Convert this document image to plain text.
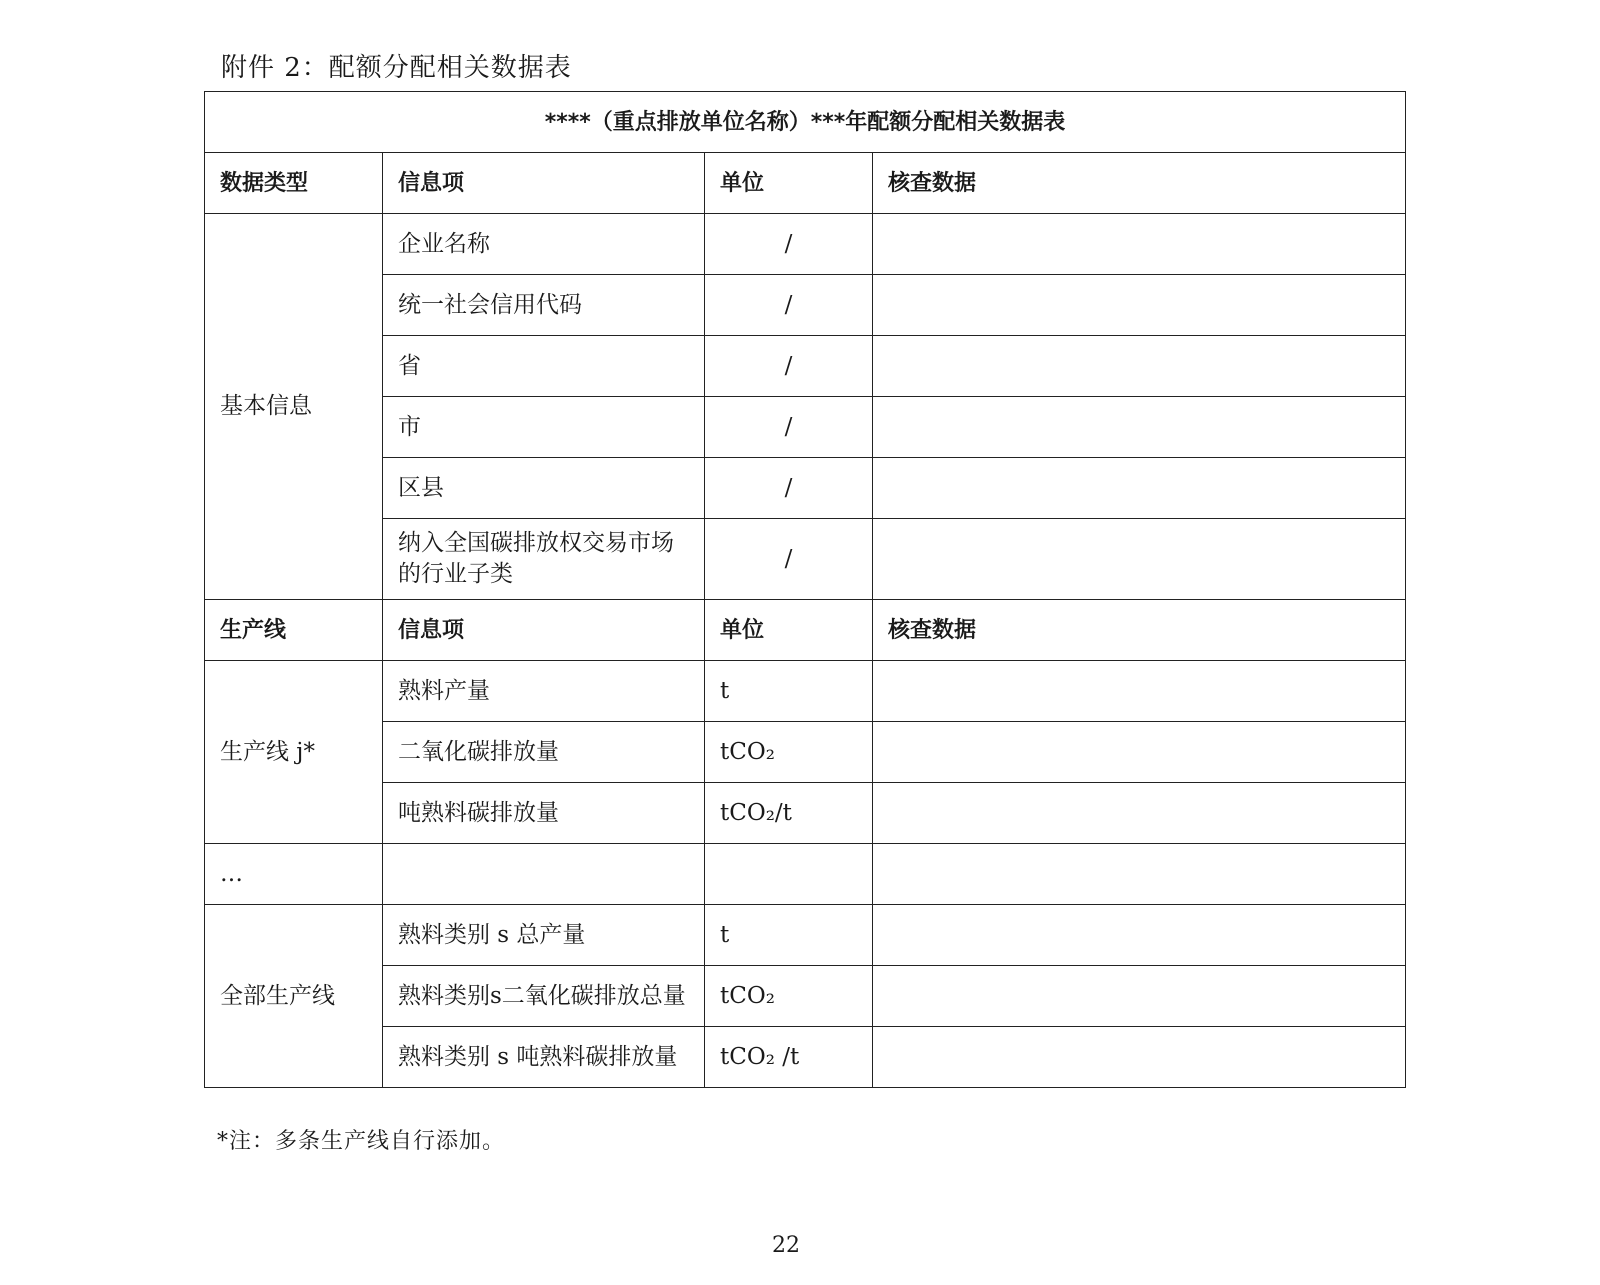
附件 2：配额分配相关数据表
****（重点排放单位名称）***年配额分配相关数据表			
数据类型	信息项	单位	核查数据
基本信息	企业名称	/	
	统一社会信用代码	/	
	省	/	
	市	/	
	区县	/	
	纳入全国碳排放权交易市场的行业子类	/	
生产线	信息项	单位	核查数据
生产线 j*	熟料产量	t	
	二氧化碳排放量	tCO₂	
	吨熟料碳排放量	tCO₂/t	
…			
全部生产线	熟料类别 s 总产量	t	
	熟料类别s二氧化碳排放总量	tCO₂	
	熟料类别 s 吨熟料碳排放量	tCO₂ /t	
*注：多条生产线自行添加。
22
